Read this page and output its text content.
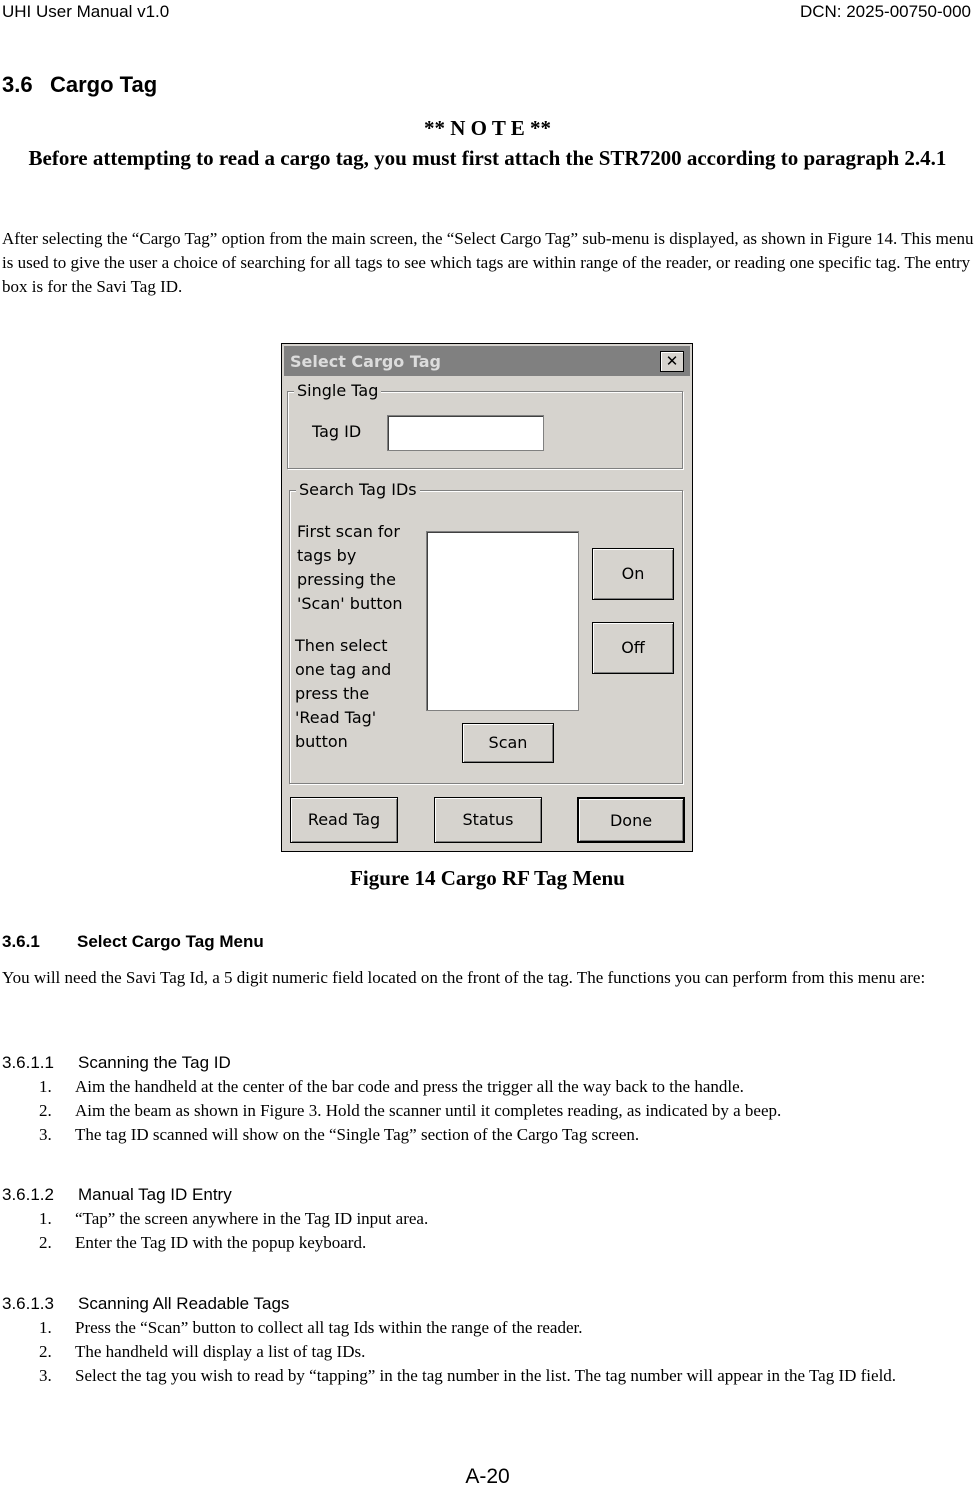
UHI User Manual v1.0	DCN: 2025-00750-000
3.6 Cargo Tag
** N O T E **
Before attempting to read a cargo tag, you must first attach the STR7200 according to paragraph 2.4.1
After selecting the “Cargo Tag” option from the main screen, the “Select Cargo Tag” sub-menu is displayed, as shown in Figure 14. This menu is used to give the user a choice of searching for all tags to see which tags are within range of the reader, or reading one specific tag. The entry box is for the Savi Tag ID.
Select Cargo Tag	✕
Single Tag
Tag ID
Search Tag IDs
First scan for tags by pressing the 'Scan' button
Then select one tag and press the 'Read Tag' button
On
Off
Scan
Read Tag	Status	Done
Figure 14 Cargo RF Tag Menu
3.6.1 Select Cargo Tag Menu
You will need the Savi Tag Id, a 5 digit numeric field located on the front of the tag. The functions you can perform from this menu are:
3.6.1.1 Scanning the Tag ID
1. Aim the handheld at the center of the bar code and press the trigger all the way back to the handle.
2. Aim the beam as shown in Figure 3. Hold the scanner until it completes reading, as indicated by a beep.
3. The tag ID scanned will show on the “Single Tag” section of the Cargo Tag screen.
3.6.1.2 Manual Tag ID Entry
1. “Tap” the screen anywhere in the Tag ID input area.
2. Enter the Tag ID with the popup keyboard.
3.6.1.3 Scanning All Readable Tags
1. Press the “Scan” button to collect all tag Ids within the range of the reader.
2. The handheld will display a list of tag IDs.
3. Select the tag you wish to read by “tapping” in the tag number in the list. The tag number will appear in the Tag ID field.
A-20
